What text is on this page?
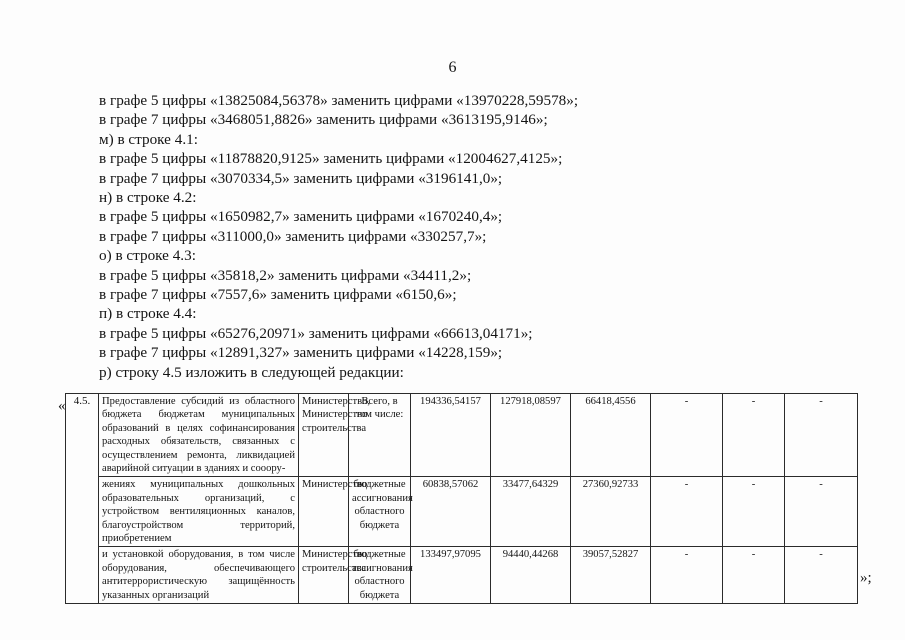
6
в графе 5 цифры «13825084,56378» заменить цифрами «13970228,59578»;
в графе 7 цифры «3468051,8826» заменить цифрами «3613195,9146»;
м) в строке 4.1:
в графе 5 цифры «11878820,9125» заменить цифрами «12004627,4125»;
в графе 7 цифры «3070334,5» заменить цифрами «3196141,0»;
н) в строке 4.2:
в графе 5 цифры «1650982,7» заменить цифрами «1670240,4»;
в графе 7 цифры «311000,0» заменить цифрами «330257,7»;
о) в строке 4.3:
в графе 5 цифры «35818,2» заменить цифрами «34411,2»;
в графе 7 цифры «7557,6» заменить цифрами «6150,6»;
п) в строке 4.4:
в графе 5 цифры «65276,20971» заменить цифрами «66613,04171»;
в графе 7 цифры «12891,327» заменить цифрами «14228,159»;
р) строку 4.5 изложить в следующей редакции:
« 4.5.	Предоставление субсидий из областного бюджета бюджетам муниципальных образований в целях софинансирования расходных обязательств, связанных с осуществлением ремонта, ликвидацией аварийной ситуации в зданиях и сооору-	Министерство, Министерство строительства	Всего, в том числе:	194336,54157	127918,08597	66418,4556	-	-	-
	жениях муниципальных дошкольных образовательных организаций, с устройством вентиляционных каналов, благоустройством территорий, приобретением	Министерство	бюджетные ассигнования областного бюджета	60838,57062	33477,64329	27360,92733	-	-	-
	и установкой оборудования, в том числе оборудования, обеспечивающего антитеррористическую защищённость указанных организаций	Министерство строительства	бюджетные ассигнования областного бюджета	133497,97095	94440,44268	39057,52827	-	-	-
»;
